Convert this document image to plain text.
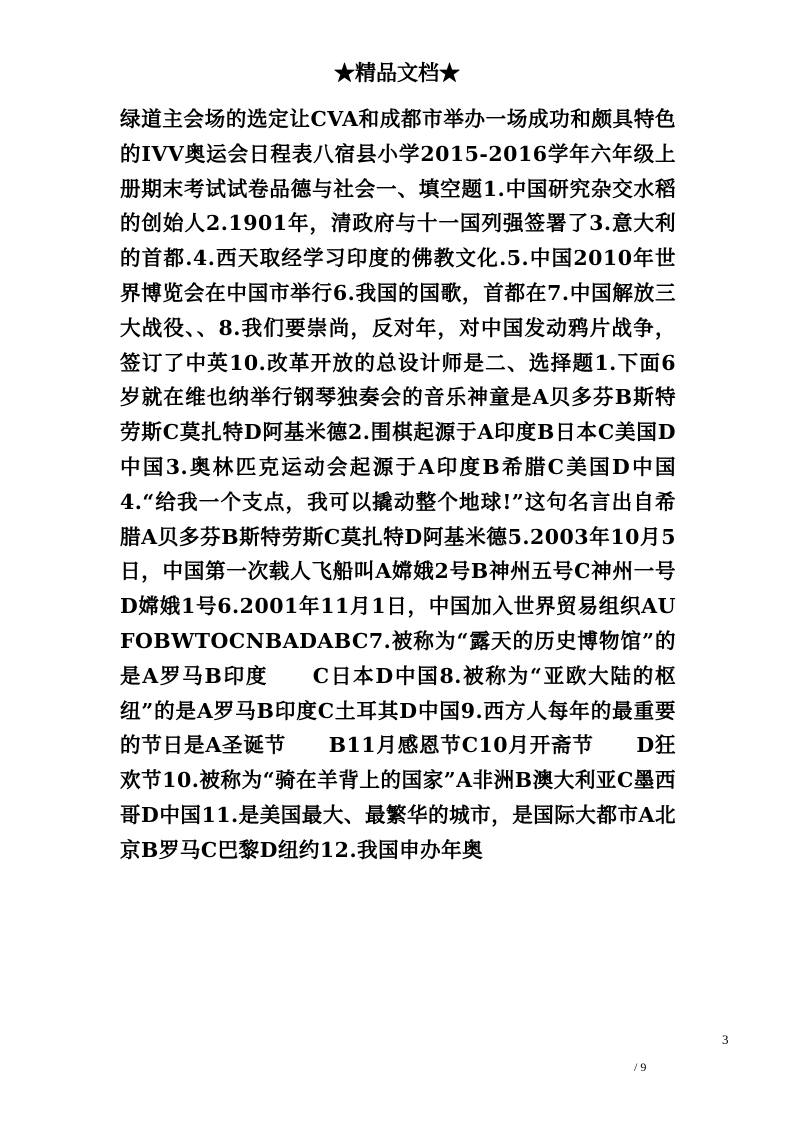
★精品文档★

绿道主会场的选定让CVA和成都市举办一场成功和颇具特色的IVV奥运会日程表八宿县小学2015-2016学年六年级上册期末考试试卷品德与社会一、填空题1.中国研究杂交水稻的创始人2.1901年，清政府与十一国列强签署了3.意大利的首都.4.西天取经学习印度的佛教文化.5.中国2010年世界博览会在中国市举行6.我国的国歌，首都在7.中国解放三大战役、、8.我们要崇尚，反对年，对中国发动鸦片战争，签订了中英10.改革开放的总设计师是二、选择题1.下面6岁就在维也纳举行钢琴独奏会的音乐神童是A贝多芬B斯特劳斯C莫扎特D阿基米德2.围棋起源于A印度B日本C美国D中国3.奥林匹克运动会起源于A印度B希腊C美国D中国4.“给我一个支点，我可以撬动整个地球!”这句名言出自希腊A贝多芬B斯特劳斯C莫扎特D阿基米德5.2003年10月5日，中国第一次载人飞船叫A嫦娥2号B神州五号C神州一号D嫦娥1号6.2001年11月1日，中国加入世界贸易组织AUFOBWTOCNBADABC7.被称为“露天的历史博物馆”的是A罗马B印度　　C日本D中国8.被称为“亚欧大陆的枢纽”的是A罗马B印度C土耳其D中国9.西方人每年的最重要的节日是A圣诞节　　B11月感恩节C10月开斋节　　D狂欢节10.被称为“骑在羊背上的国家”A非洲B澳大利亚C墨西哥D中国11.是美国最大、最繁华的城市，是国际大都市A北京B罗马C巴黎D纽约12.我国申办年奥

3
/ 9
